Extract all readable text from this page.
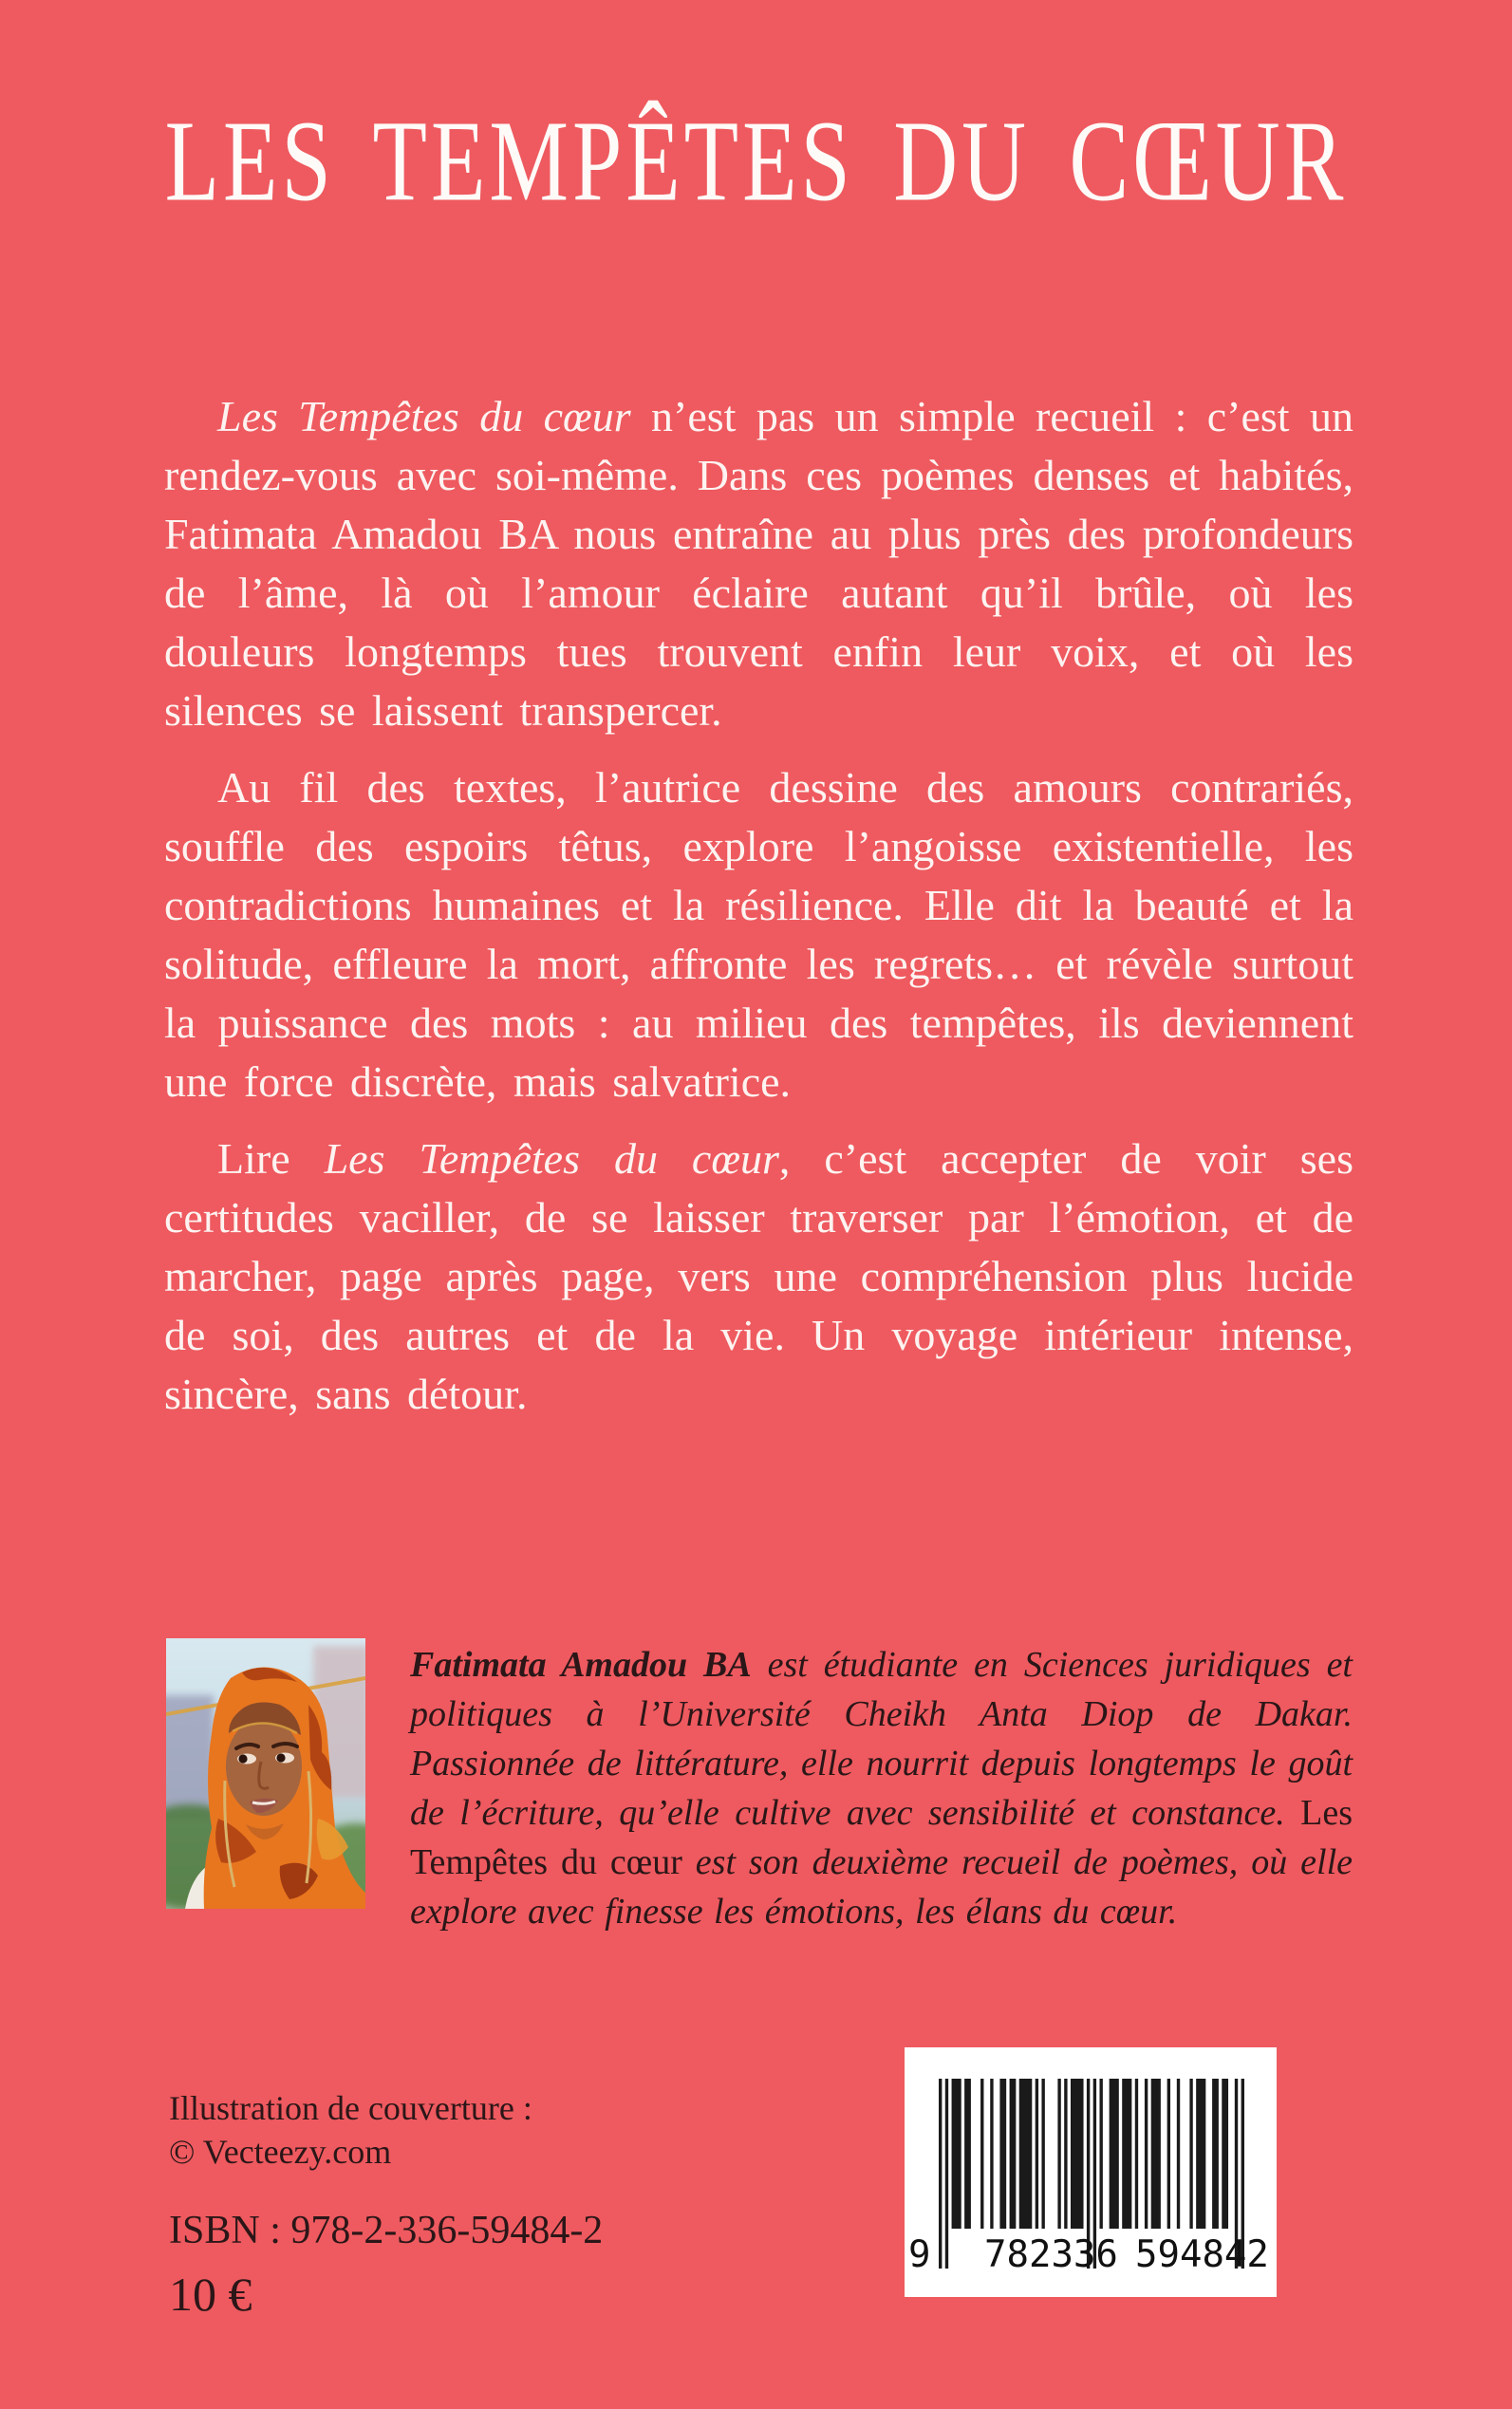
LES TEMPÊTES DU CŒUR

Les Tempêtes du cœur n’est pas un simple recueil : c’est un rendez-vous avec soi-même. Dans ces poèmes denses et habités, Fatimata Amadou BA nous entraîne au plus près des profondeurs de l’âme, là où l’amour éclaire autant qu’il brûle, où les douleurs longtemps tues trouvent enfin leur voix, et où les silences se laissent transpercer.

Au fil des textes, l’autrice dessine des amours contrariés, souffle des espoirs têtus, explore l’angoisse existentielle, les contradictions humaines et la résilience. Elle dit la beauté et la solitude, effleure la mort, affronte les regrets… et révèle surtout la puissance des mots : au milieu des tempêtes, ils deviennent une force discrète, mais salvatrice.

Lire Les Tempêtes du cœur, c’est accepter de voir ses certitudes vaciller, de se laisser traverser par l’émotion, et de marcher, page après page, vers une compréhension plus lucide de soi, des autres et de la vie. Un voyage intérieur intense, sincère, sans détour.

Fatimata Amadou BA est étudiante en Sciences juridiques et politiques à l’Université Cheikh Anta Diop de Dakar. Passionnée de littérature, elle nourrit depuis longtemps le goût de l’écriture, qu’elle cultive avec sensibilité et constance. Les Tempêtes du cœur est son deuxième recueil de poèmes, où elle explore avec finesse les émotions, les élans du cœur.

Illustration de couverture :
© Vecteezy.com
ISBN : 978-2-336-59484-2
10 €
9 782336 594842
